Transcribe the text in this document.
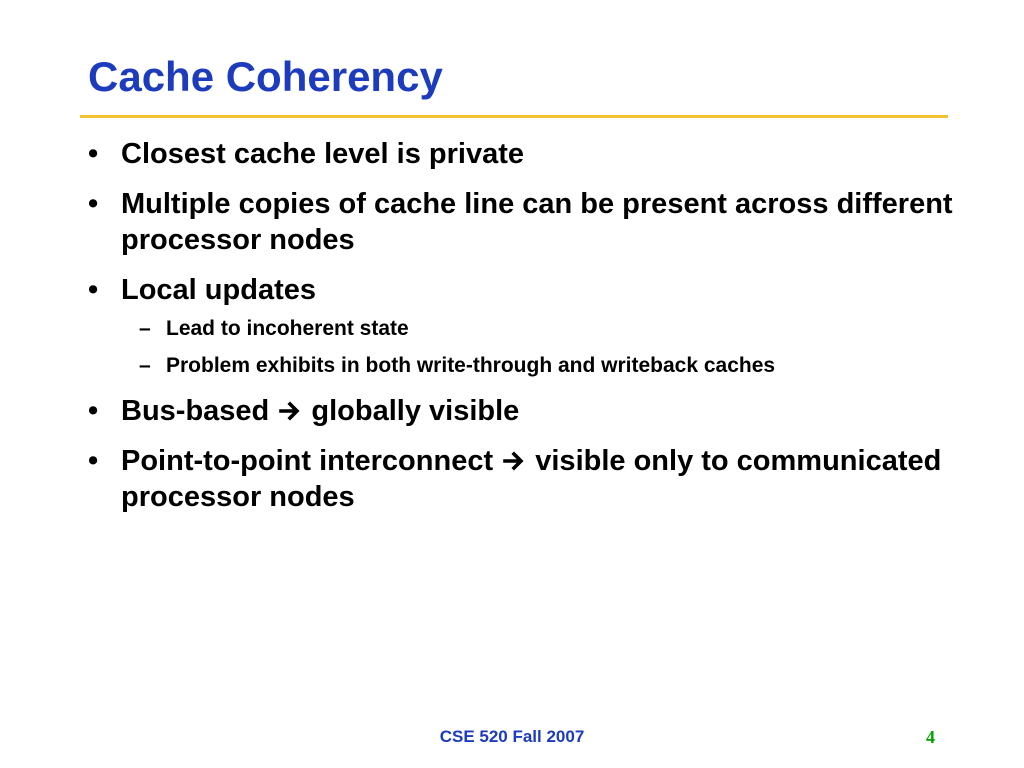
Cache Coherency
• Closest cache level is private
• Multiple copies of cache line can be present across different processor nodes
• Local updates
– Lead to incoherent state
– Problem exhibits in both write-through and writeback caches
• Bus-based globally visible
• Point-to-point interconnect visible only to communicated processor nodes
CSE 520 Fall 2007	4
